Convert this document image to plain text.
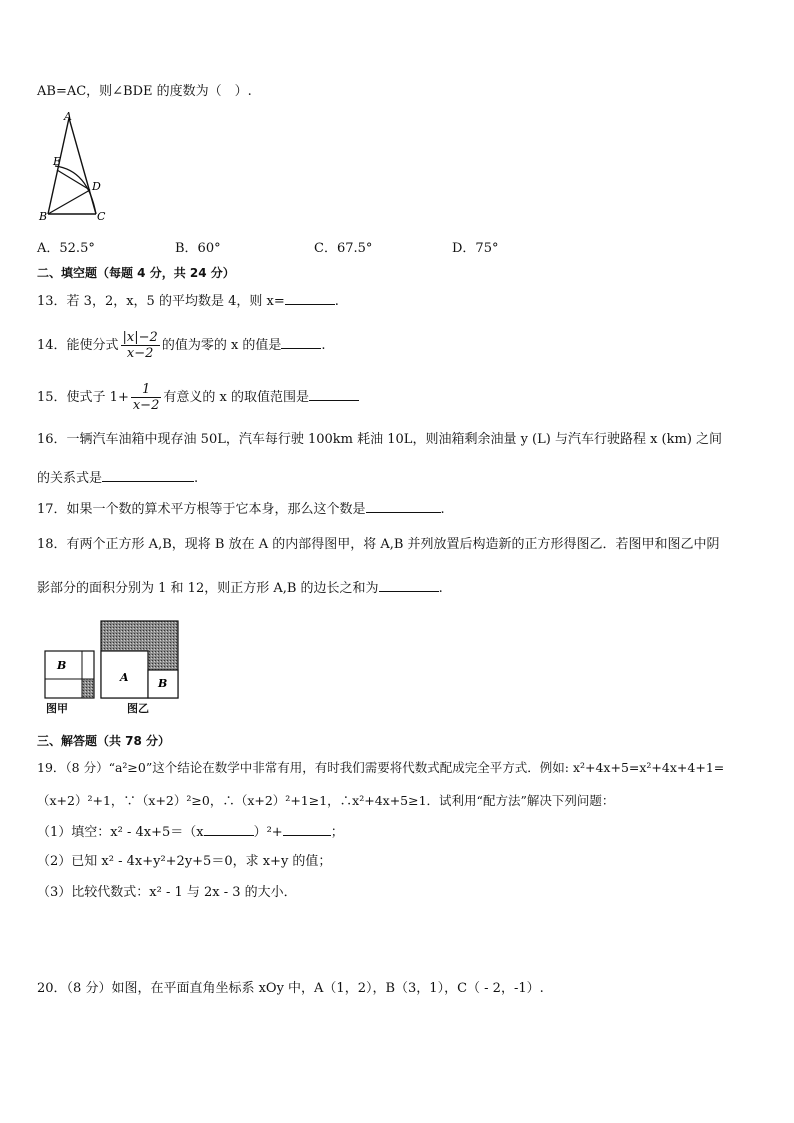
AB=AC，则∠BDE 的度数为（　）.
A
E
D
B	C
A．52.5°	B．60°	C．67.5°	D．75°
二、填空题（每题 4 分，共 24 分）
13．若 3，2，x，5 的平均数是 4，则 x=	.
14．能使分式 $\frac{|x|-2}{x-2}$ 的值为零的 x 的值是	.
15．使式子 $1+ \frac{1}{x-2}$ 有意义的 x 的取值范围是
16．一辆汽车油箱中现存油 50L，汽车每行驶 100km 耗油 10L，则油箱剩余油量 y (L) 与汽车行驶路程 x (km) 之间
的关系式是	.
17．如果一个数的算术平方根等于它本身，那么这个数是	.
18．有两个正方形 A,B，现将 B 放在 A 的内部得图甲，将 A,B 并列放置后构造新的正方形得图乙．若图甲和图乙中阴
影部分的面积分别为 1 和 12，则正方形 A,B 的边长之和为	.
B
A	B
图甲	图乙
三、解答题（共 78 分）
19．（8 分）“a²≥0”这个结论在数学中非常有用，有时我们需要将代数式配成完全平方式．例如: x²+4x+5=x²+4x+4+1=
（x+2）²+1，∵（x+2）²≥0，∴（x+2）²+1≥1，∴x²+4x+5≥1．试利用“配方法”解决下列问题：
（1）填空：x² - 4x+5＝（x	）²+	；
（2）已知 x² - 4x+y²+2y+5＝0，求 x+y 的值；
（3）比较代数式：x² - 1 与 2x - 3 的大小．
20．（8 分）如图，在平面直角坐标系 xOy 中，A（1，2），B（3，1），C（ - 2，-1）.
